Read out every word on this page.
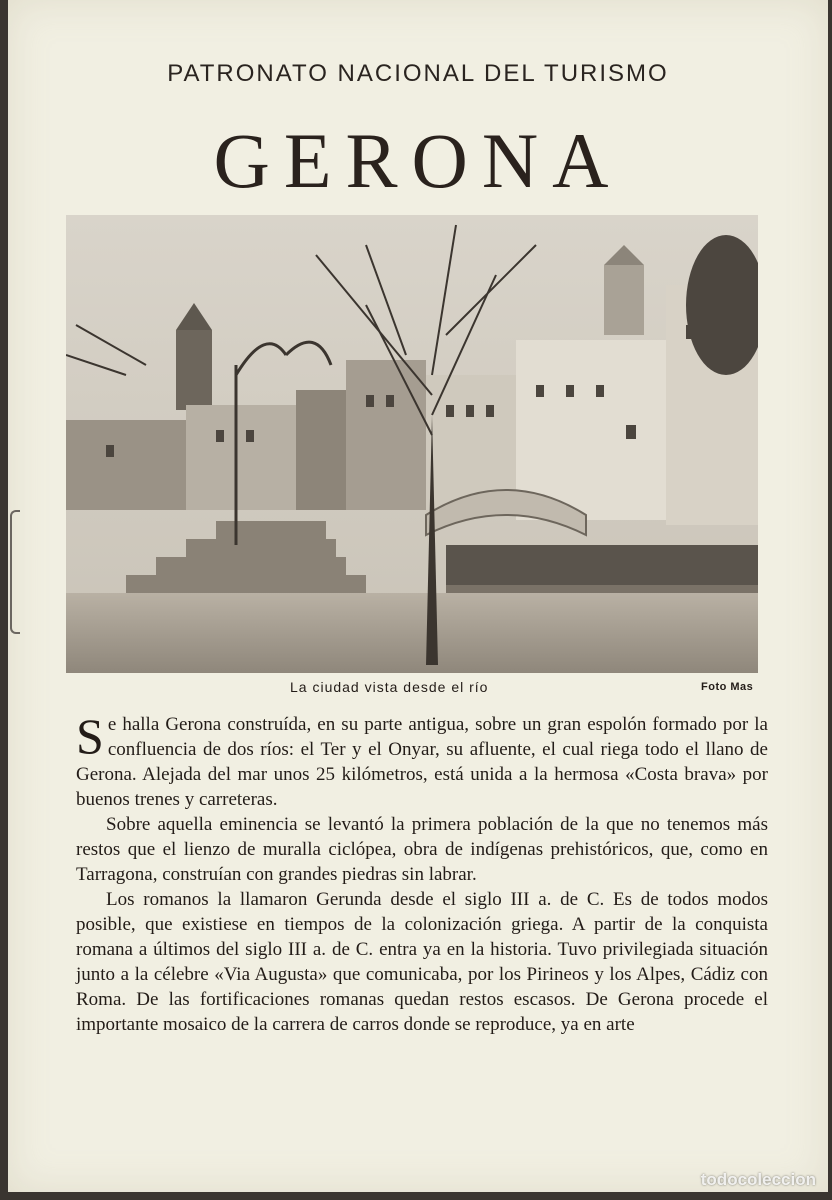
PATRONATO NACIONAL DEL TURISMO
GERONA
La ciudad vista desde el río	Foto Mas

Se halla Gerona construída, en su parte antigua, sobre un gran espolón formado por la confluencia de dos ríos: el Ter y el Onyar, su afluente, el cual riega todo el llano de Gerona. Alejada del mar unos 25 kilómetros, está unida a la hermosa «Costa brava» por buenos trenes y carreteras.

Sobre aquella eminencia se levantó la primera población de la que no tenemos más restos que el lienzo de muralla ciclópea, obra de indígenas prehistóricos, que, como en Tarragona, construían con grandes piedras sin labrar.

Los romanos la llamaron Gerunda desde el siglo III a. de C. Es de todos modos posible, que existiese en tiempos de la colonización griega. A partir de la conquista romana a últimos del siglo III a. de C. entra ya en la historia. Tuvo privilegiada situación junto a la célebre «Via Augusta» que comunicaba, por los Pirineos y los Alpes, Cádiz con Roma. De las fortificaciones romanas quedan restos escasos. De Gerona procede el importante mosaico de la carrera de carros donde se reproduce, ya en arte

todocoleccion
